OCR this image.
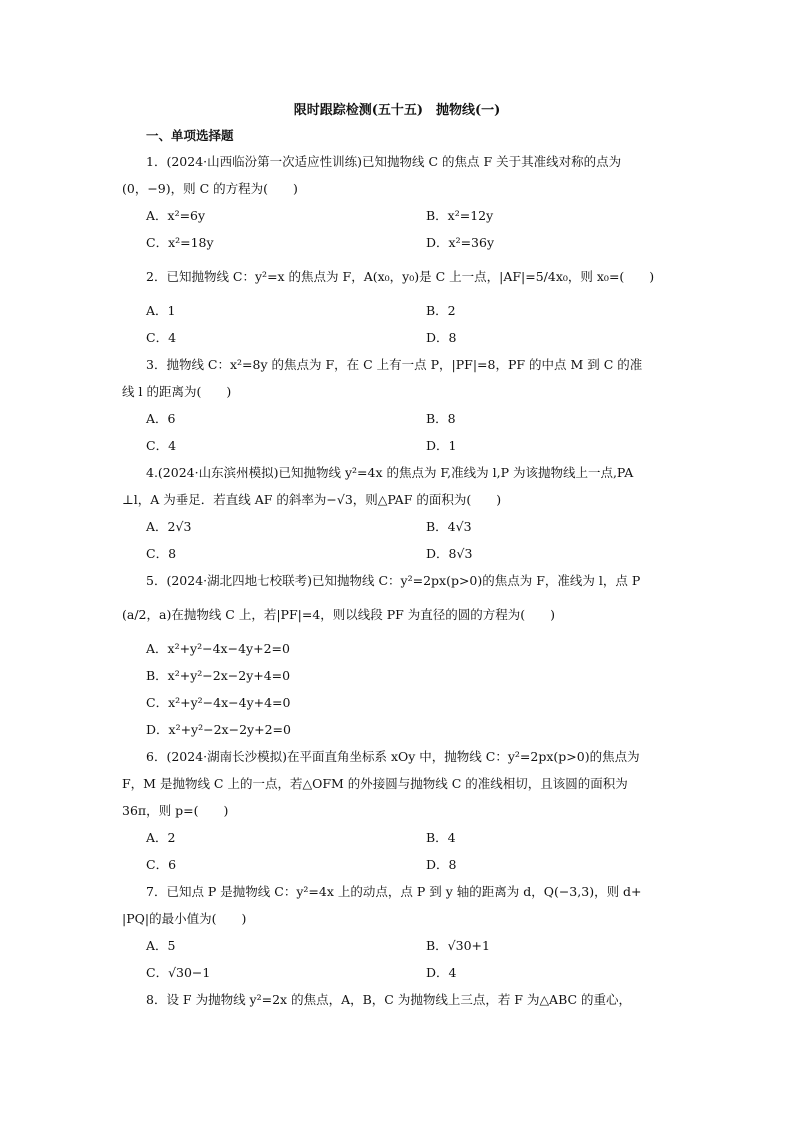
限时跟踪检测(五十五)　抛物线(一)
一、单项选择题
1．(2024·山西临汾第一次适应性训练)已知抛物线 C 的焦点 F 关于其准线对称的点为
(0，−9)，则 C 的方程为(　　)
A．x²=6y	B．x²=12y
C．x²=18y	D．x²=36y
2．已知抛物线 C：y²=x 的焦点为 F，A(x₀，y₀)是 C 上一点，|AF|=5/4x₀，则 x₀=(　　)
A．1	B．2
C．4	D．8
3．抛物线 C：x²=8y 的焦点为 F，在 C 上有一点 P，|PF|=8，PF 的中点 M 到 C 的准
线 l 的距离为(　　)
A．6	B．8
C．4	D．1
4.(2024·山东滨州模拟)已知抛物线 y²=4x 的焦点为 F,准线为 l,P 为该抛物线上一点,PA
⊥l，A 为垂足．若直线 AF 的斜率为−√3，则△PAF 的面积为(　　)
A．2√3	B．4√3
C．8	D．8√3
5．(2024·湖北四地七校联考)已知抛物线 C：y²=2px(p>0)的焦点为 F，准线为 l，点 P
(a/2，a)在抛物线 C 上，若|PF|=4，则以线段 PF 为直径的圆的方程为(　　)
A．x²+y²−4x−4y+2=0
B．x²+y²−2x−2y+4=0
C．x²+y²−4x−4y+4=0
D．x²+y²−2x−2y+2=0
6．(2024·湖南长沙模拟)在平面直角坐标系 xOy 中，抛物线 C：y²=2px(p>0)的焦点为
F，M 是抛物线 C 上的一点，若△OFM 的外接圆与抛物线 C 的准线相切，且该圆的面积为
36π，则 p=(　　)
A．2	B．4
C．6	D．8
7．已知点 P 是抛物线 C：y²=4x 上的动点，点 P 到 y 轴的距离为 d，Q(−3,3)，则 d+
|PQ|的最小值为(　　)
A．5	B．√30+1
C．√30−1	D．4
8．设 F 为抛物线 y²=2x 的焦点，A，B，C 为抛物线上三点，若 F 为△ABC 的重心，
